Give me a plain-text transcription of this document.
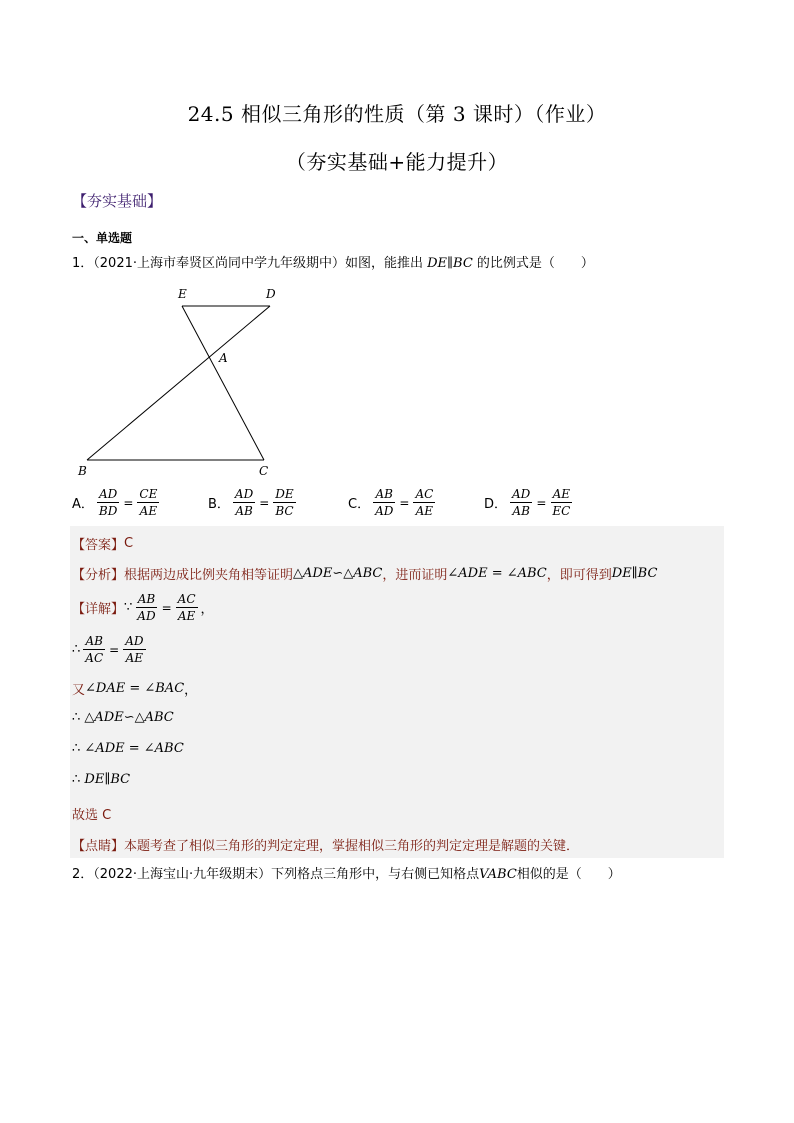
24.5 相似三角形的性质（第 3 课时）（作业）
（夯实基础+能力提升）
【夯实基础】
一、单选题
1．（2021·上海市奉贤区尚同中学九年级期中）如图，能推出 DE∥BC 的比例式是（　　）
E	D
A
B	C
A． $\frac{AD}{BD} = \frac{CE}{AE}$	B． $\frac{AD}{AB} = \frac{DE}{BC}$	C． $\frac{AB}{AD} = \frac{AC}{AE}$	D． $\frac{AD}{AB} = \frac{AE}{EC}$
【答案】 C
【分析】 根据两边成比例夹角相等证明 △ADE∽△ABC ，进而证明 ∠ADE = ∠ABC ，即可得到 DE∥BC
【详解】 ∵ $\frac{AB}{AD} = \frac{AC}{AE}$ ，
∴ $\frac{AB}{AC} = \frac{AD}{AE}$
又 ∠DAE = ∠BAC ，
∴
△ADE∽△ABC
∴
∠ADE = ∠ABC
∴
DE∥BC
故选 C
【点睛】 本题考查了相似三角形的判定定理，掌握相似三角形的判定定理是解题的关键．
2．（2022·上海宝山·九年级期末）下列格点三角形中，与右侧已知格点VABC相似的是（　　）
